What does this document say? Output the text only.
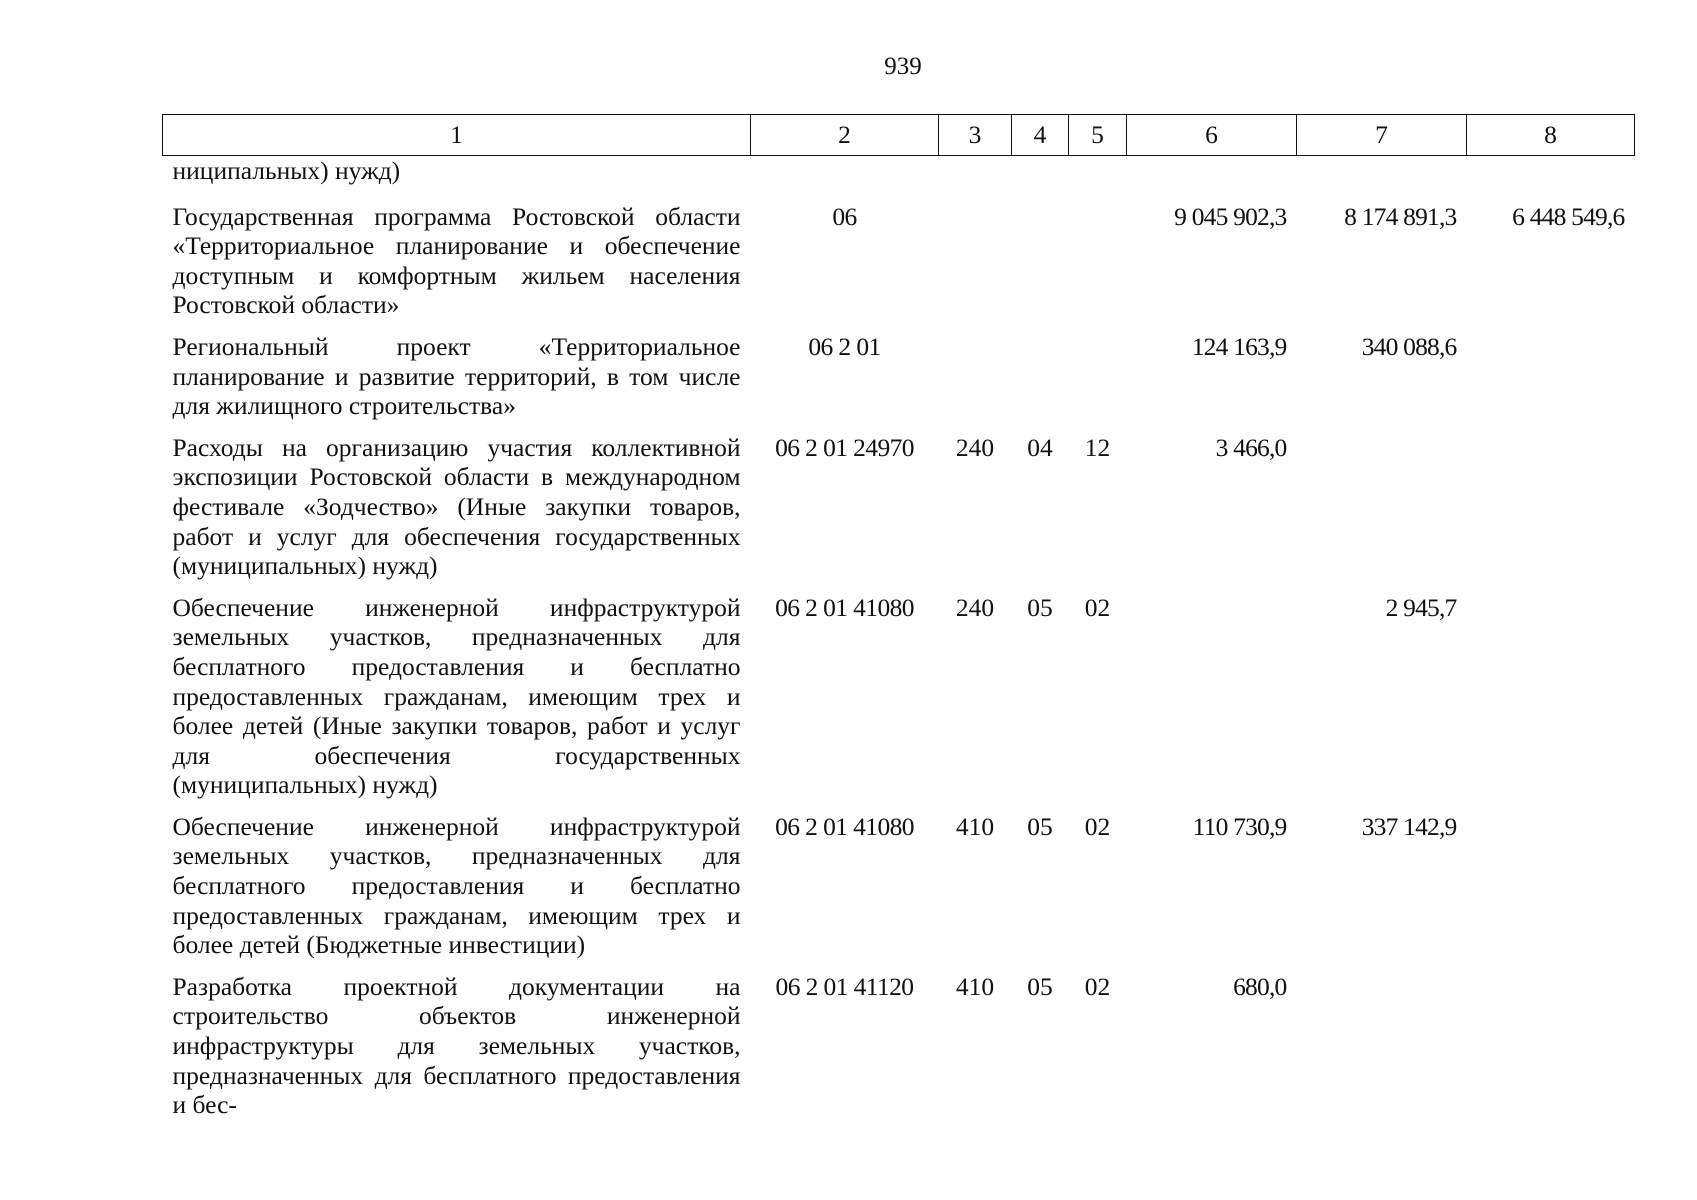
939
1	2	3	4	5	6	7	8
ниципальных) нужд)							
Государственная программа Ростовской области «Территориальное планирование и обеспечение доступным и комфортным жильем населения Ростовской области»	06				9 045 902,3	8 174 891,3	6 448 549,6
Региональный проект «Территориальное планирование и развитие территорий, в том числе для жилищного строительства»	06 2 01				124 163,9	340 088,6	
Расходы на организацию участия коллективной экспозиции Ростовской области в международном фестивале «Зодчество» (Иные закупки товаров, работ и услуг для обеспечения государственных (муниципальных) нужд)	06 2 01 24970	240	04	12	3 466,0		
Обеспечение инженерной инфраструктурой земельных участков, предназначенных для бесплатного предоставления и бесплатно предоставленных гражданам, имеющим трех и более детей (Иные закупки товаров, работ и услуг для обеспечения государственных (муниципальных) нужд)	06 2 01 41080	240	05	02		2 945,7	
Обеспечение инженерной инфраструктурой земельных участков, предназначенных для бесплатного предоставления и бесплатно предоставленных гражданам, имеющим трех и более детей (Бюджетные инвестиции)	06 2 01 41080	410	05	02	110 730,9	337 142,9	
Разработка проектной документации на строительство объектов инженерной инфраструктуры для земельных участков, предназначенных для бесплатного предоставления и бес-	06 2 01 41120	410	05	02	680,0		
